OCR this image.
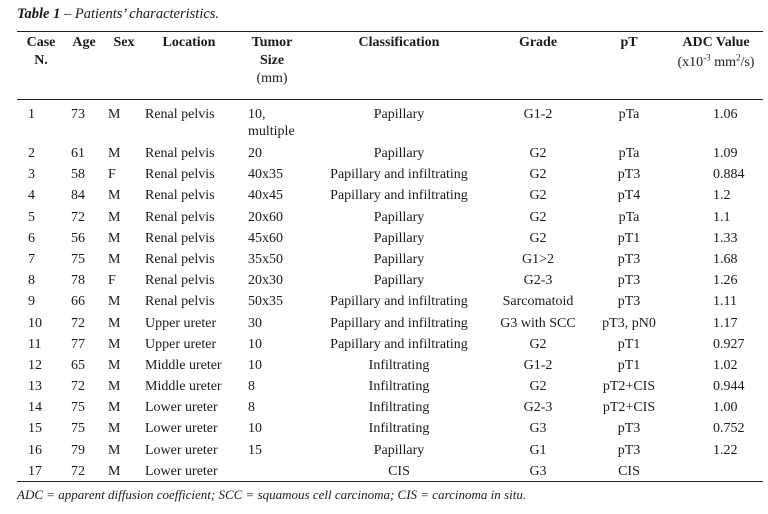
Table 1 – Patients’ characteristics.
Case
N.	Age	Sex	Location	Tumor
Size
(mm)	Classification	Grade	pT	ADC Value
($x10^{-3}$ $mm^2/s$)

1	73	M	Renal pelvis	10,
multiple	Papillary	G1-2	pTa	1.06
2	61	M	Renal pelvis	20	Papillary	G2	pTa	1.09
3	58	F	Renal pelvis	40x35	Papillary and infiltrating	G2	pT3	0.884
4	84	M	Renal pelvis	40x45	Papillary and infiltrating	G2	pT4	1.2
5	72	M	Renal pelvis	20x60	Papillary	G2	pTa	1.1
6	56	M	Renal pelvis	45x60	Papillary	G2	pT1	1.33
7	75	M	Renal pelvis	35x50	Papillary	G1>2	pT3	1.68
8	78	F	Renal pelvis	20x30	Papillary	G2-3	pT3	1.26
9	66	M	Renal pelvis	50x35	Papillary and infiltrating	Sarcomatoid	pT3	1.11
10	72	M	Upper ureter	30	Papillary and infiltrating	G3 with SCC	pT3, pN0	1.17
11	77	M	Upper ureter	10	Papillary and infiltrating	G2	pT1	0.927
12	65	M	Middle ureter	10	Infiltrating	G1-2	pT1	1.02
13	72	M	Middle ureter	8	Infiltrating	G2	pT2+CIS	0.944
14	75	M	Lower ureter	8	Infiltrating	G2-3	pT2+CIS	1.00
15	75	M	Lower ureter	10	Infiltrating	G3	pT3	0.752
16	79	M	Lower ureter	15	Papillary	G1	pT3	1.22
17	72	M	Lower ureter		CIS	G3	CIS	
ADC = apparent diffusion coefficient; SCC = squamous cell carcinoma; CIS = carcinoma in situ.
